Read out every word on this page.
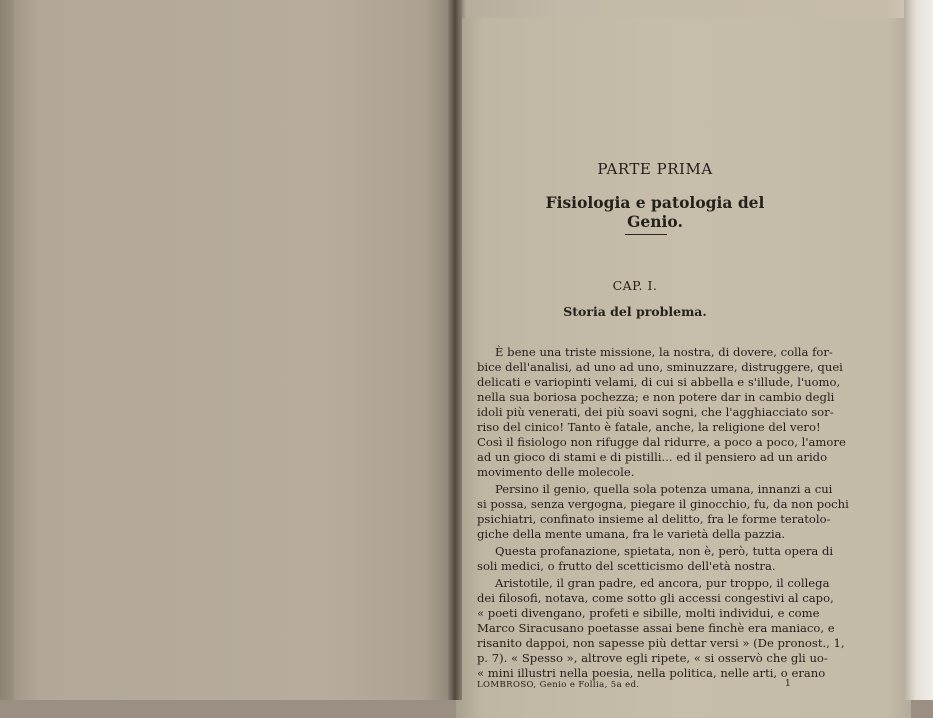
PARTE PRIMA
Fisiologia e patologia del Genio.
CAP. I.
Storia del problema.
È bene una triste missione, la nostra, di dovere, colla for-
bice dell'analisi, ad uno ad uno, sminuzzare, distruggere, quei
delicati e variopinti velami, di cui si abbella e s'illude, l'uomo,
nella sua boriosa pochezza; e non potere dar in cambio degli
idoli più venerati, dei più soavi sogni, che l'agghiacciato sor-
riso del cinico! Tanto è fatale, anche, la religione del vero!
Così il fisiologo non rifugge dal ridurre, a poco a poco, l'amore
ad un gioco di stami e di pistilli... ed il pensiero ad un arido
movimento delle molecole.
Persino il genio, quella sola potenza umana, innanzi a cui
si possa, senza vergogna, piegare il ginocchio, fu, da non pochi
psichiatri, confinato insieme al delitto, fra le forme teratolo-
giche della mente umana, fra le varietà della pazzia.
Questa profanazione, spietata, non è, però, tutta opera di
soli medici, o frutto del scetticismo dell'età nostra.
Aristotile, il gran padre, ed ancora, pur troppo, il collega
dei filosofi, notava, come sotto gli accessi congestivi al capo,
« poeti divengano, profeti e sibille, molti individui, e come
Marco Siracusano poetasse assai bene finchè era maniaco, e
risanito dappoi, non sapesse più dettar versi » (De pronost., 1,
p. 7). « Spesso », altrove egli ripete, « si osservò che gli uo-
« mini illustri nella poesia, nella politica, nelle arti, o erano
LOMBROSO, Genio e Follia, 5a ed.	1
